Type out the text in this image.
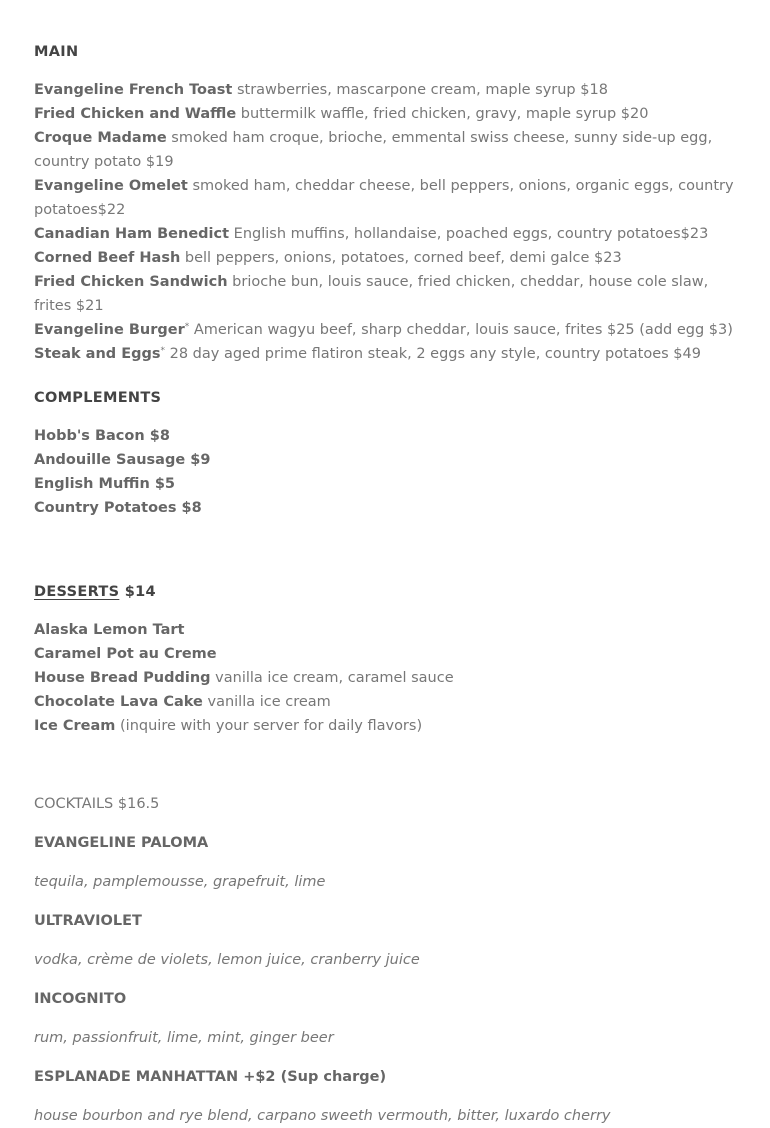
MAIN

Evangeline French Toast strawberries, mascarpone cream, maple syrup $18

Fried Chicken and Waffle buttermilk waffle, fried chicken, gravy, maple syrup $20

Croque Madame smoked ham croque, brioche, emmental swiss cheese, sunny side-up egg, country potato $19

Evangeline Omelet smoked ham, cheddar cheese, bell peppers, onions, organic eggs, country potatoes$22

Canadian Ham Benedict English muffins, hollandaise, poached eggs, country potatoes$23

Corned Beef Hash bell peppers, onions, potatoes, corned beef, demi galce $23

Fried Chicken Sandwich brioche bun, louis sauce, fried chicken, cheddar, house cole slaw, frites $21

Evangeline Burger* American wagyu beef, sharp cheddar, louis sauce, frites $25 (add egg $3)

Steak and Eggs* 28 day aged prime flatiron steak, 2 eggs any style, country potatoes $49

COMPLEMENTS

Hobb's Bacon $8

Andouille Sausage $9

English Muffin $5

Country Potatoes $8

DESSERTS $14

Alaska Lemon Tart

Caramel Pot au Creme

House Bread Pudding vanilla ice cream, caramel sauce

Chocolate Lava Cake vanilla ice cream

Ice Cream (inquire with your server for daily flavors)

COCKTAILS $16.5

EVANGELINE PALOMA

tequila, pamplemousse, grapefruit, lime

ULTRAVIOLET

vodka, crème de violets, lemon juice, cranberry juice

INCOGNITO

rum, passionfruit, lime, mint, ginger beer

ESPLANADE MANHATTAN +$2 (Sup charge)

house bourbon and rye blend, carpano sweeth vermouth, bitter, luxardo cherry
